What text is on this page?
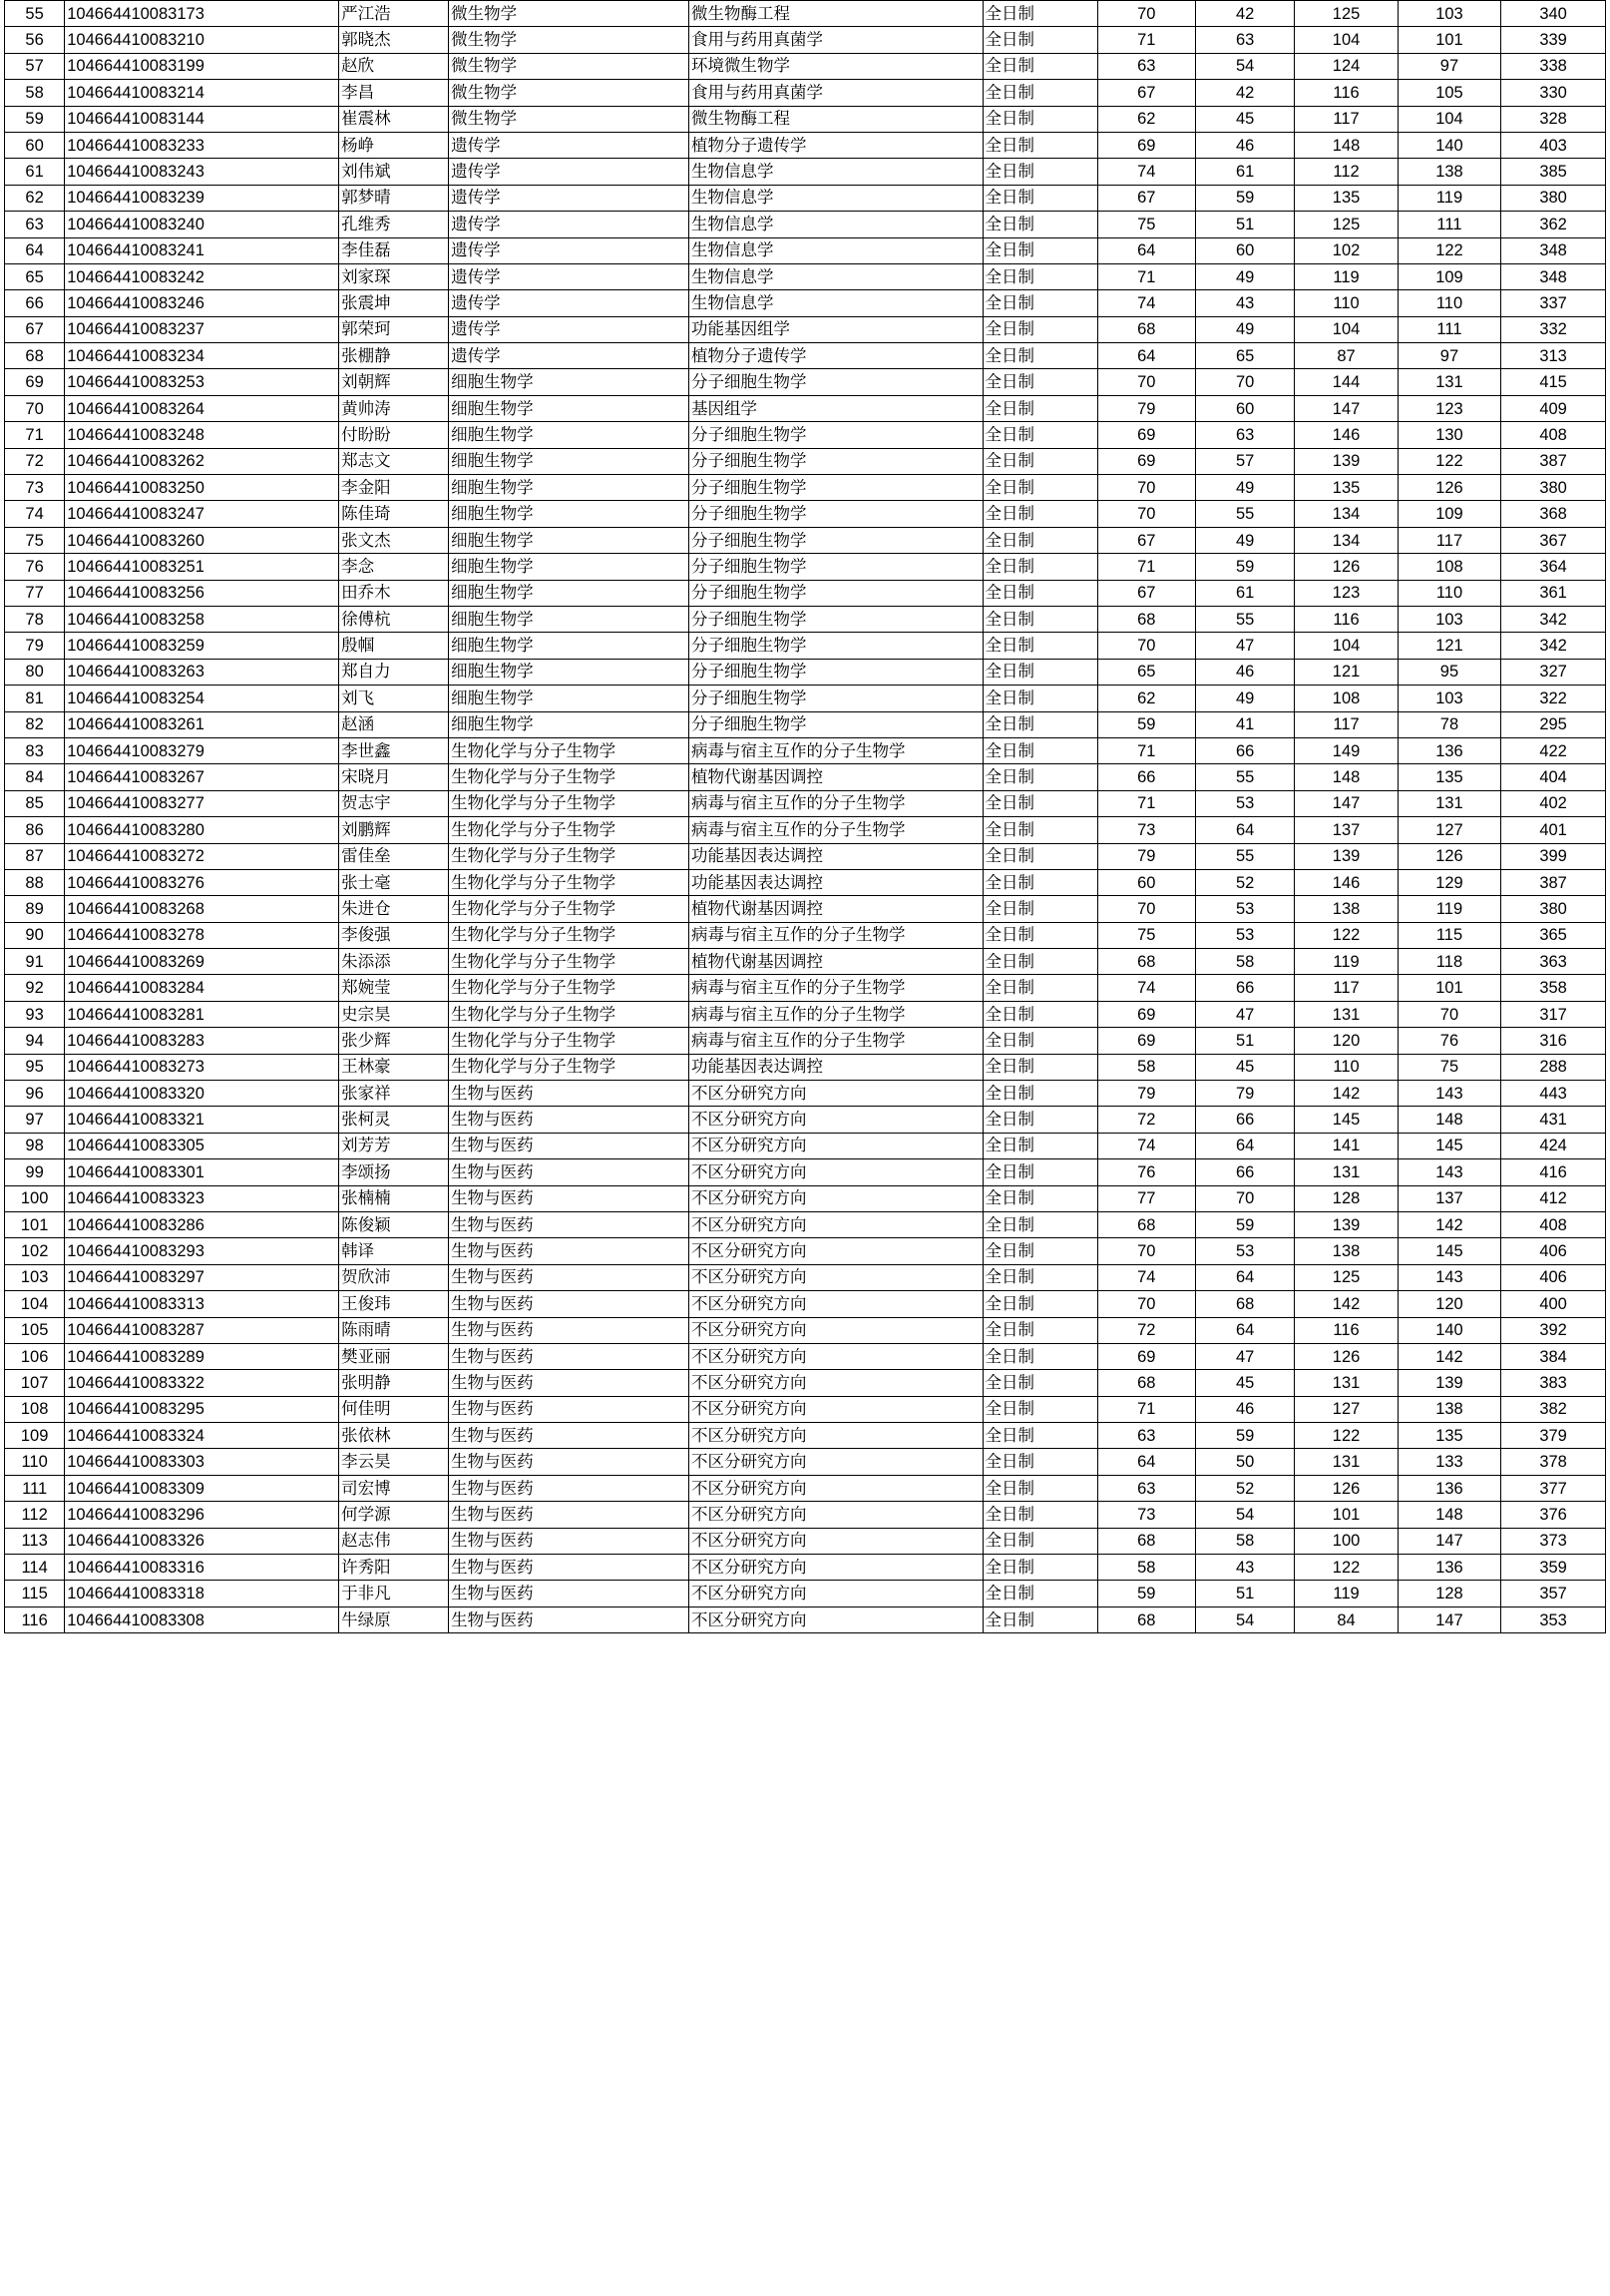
55	104664410083173	严江浩	微生物学	微生物酶工程	全日制	70	42	125	103	340
56	104664410083210	郭晓杰	微生物学	食用与药用真菌学	全日制	71	63	104	101	339
57	104664410083199	赵欣	微生物学	环境微生物学	全日制	63	54	124	97	338
58	104664410083214	李昌	微生物学	食用与药用真菌学	全日制	67	42	116	105	330
59	104664410083144	崔震林	微生物学	微生物酶工程	全日制	62	45	117	104	328
60	104664410083233	杨峥	遗传学	植物分子遗传学	全日制	69	46	148	140	403
61	104664410083243	刘伟斌	遗传学	生物信息学	全日制	74	61	112	138	385
62	104664410083239	郭梦晴	遗传学	生物信息学	全日制	67	59	135	119	380
63	104664410083240	孔维秀	遗传学	生物信息学	全日制	75	51	125	111	362
64	104664410083241	李佳磊	遗传学	生物信息学	全日制	64	60	102	122	348
65	104664410083242	刘家琛	遗传学	生物信息学	全日制	71	49	119	109	348
66	104664410083246	张震坤	遗传学	生物信息学	全日制	74	43	110	110	337
67	104664410083237	郭荣珂	遗传学	功能基因组学	全日制	68	49	104	111	332
68	104664410083234	张棚静	遗传学	植物分子遗传学	全日制	64	65	87	97	313
69	104664410083253	刘朝辉	细胞生物学	分子细胞生物学	全日制	70	70	144	131	415
70	104664410083264	黄帅涛	细胞生物学	基因组学	全日制	79	60	147	123	409
71	104664410083248	付盼盼	细胞生物学	分子细胞生物学	全日制	69	63	146	130	408
72	104664410083262	郑志文	细胞生物学	分子细胞生物学	全日制	69	57	139	122	387
73	104664410083250	李金阳	细胞生物学	分子细胞生物学	全日制	70	49	135	126	380
74	104664410083247	陈佳琦	细胞生物学	分子细胞生物学	全日制	70	55	134	109	368
75	104664410083260	张文杰	细胞生物学	分子细胞生物学	全日制	67	49	134	117	367
76	104664410083251	李念	细胞生物学	分子细胞生物学	全日制	71	59	126	108	364
77	104664410083256	田乔木	细胞生物学	分子细胞生物学	全日制	67	61	123	110	361
78	104664410083258	徐傅杭	细胞生物学	分子细胞生物学	全日制	68	55	116	103	342
79	104664410083259	殷帼	细胞生物学	分子细胞生物学	全日制	70	47	104	121	342
80	104664410083263	郑自力	细胞生物学	分子细胞生物学	全日制	65	46	121	95	327
81	104664410083254	刘飞	细胞生物学	分子细胞生物学	全日制	62	49	108	103	322
82	104664410083261	赵涵	细胞生物学	分子细胞生物学	全日制	59	41	117	78	295
83	104664410083279	李世鑫	生物化学与分子生物学	病毒与宿主互作的分子生物学	全日制	71	66	149	136	422
84	104664410083267	宋晓月	生物化学与分子生物学	植物代谢基因调控	全日制	66	55	148	135	404
85	104664410083277	贺志宇	生物化学与分子生物学	病毒与宿主互作的分子生物学	全日制	71	53	147	131	402
86	104664410083280	刘鹏辉	生物化学与分子生物学	病毒与宿主互作的分子生物学	全日制	73	64	137	127	401
87	104664410083272	雷佳垒	生物化学与分子生物学	功能基因表达调控	全日制	79	55	139	126	399
88	104664410083276	张士毫	生物化学与分子生物学	功能基因表达调控	全日制	60	52	146	129	387
89	104664410083268	朱进仓	生物化学与分子生物学	植物代谢基因调控	全日制	70	53	138	119	380
90	104664410083278	李俊强	生物化学与分子生物学	病毒与宿主互作的分子生物学	全日制	75	53	122	115	365
91	104664410083269	朱添添	生物化学与分子生物学	植物代谢基因调控	全日制	68	58	119	118	363
92	104664410083284	郑婉莹	生物化学与分子生物学	病毒与宿主互作的分子生物学	全日制	74	66	117	101	358
93	104664410083281	史宗昊	生物化学与分子生物学	病毒与宿主互作的分子生物学	全日制	69	47	131	70	317
94	104664410083283	张少辉	生物化学与分子生物学	病毒与宿主互作的分子生物学	全日制	69	51	120	76	316
95	104664410083273	王林豪	生物化学与分子生物学	功能基因表达调控	全日制	58	45	110	75	288
96	104664410083320	张家祥	生物与医药	不区分研究方向	全日制	79	79	142	143	443
97	104664410083321	张柯灵	生物与医药	不区分研究方向	全日制	72	66	145	148	431
98	104664410083305	刘芳芳	生物与医药	不区分研究方向	全日制	74	64	141	145	424
99	104664410083301	李颂扬	生物与医药	不区分研究方向	全日制	76	66	131	143	416
100	104664410083323	张楠楠	生物与医药	不区分研究方向	全日制	77	70	128	137	412
101	104664410083286	陈俊颖	生物与医药	不区分研究方向	全日制	68	59	139	142	408
102	104664410083293	韩译	生物与医药	不区分研究方向	全日制	70	53	138	145	406
103	104664410083297	贺欣沛	生物与医药	不区分研究方向	全日制	74	64	125	143	406
104	104664410083313	王俊玮	生物与医药	不区分研究方向	全日制	70	68	142	120	400
105	104664410083287	陈雨晴	生物与医药	不区分研究方向	全日制	72	64	116	140	392
106	104664410083289	樊亚丽	生物与医药	不区分研究方向	全日制	69	47	126	142	384
107	104664410083322	张明静	生物与医药	不区分研究方向	全日制	68	45	131	139	383
108	104664410083295	何佳明	生物与医药	不区分研究方向	全日制	71	46	127	138	382
109	104664410083324	张依林	生物与医药	不区分研究方向	全日制	63	59	122	135	379
110	104664410083303	李云昊	生物与医药	不区分研究方向	全日制	64	50	131	133	378
111	104664410083309	司宏博	生物与医药	不区分研究方向	全日制	63	52	126	136	377
112	104664410083296	何学源	生物与医药	不区分研究方向	全日制	73	54	101	148	376
113	104664410083326	赵志伟	生物与医药	不区分研究方向	全日制	68	58	100	147	373
114	104664410083316	许秀阳	生物与医药	不区分研究方向	全日制	58	43	122	136	359
115	104664410083318	于非凡	生物与医药	不区分研究方向	全日制	59	51	119	128	357
116	104664410083308	牛绿原	生物与医药	不区分研究方向	全日制	68	54	84	147	353
